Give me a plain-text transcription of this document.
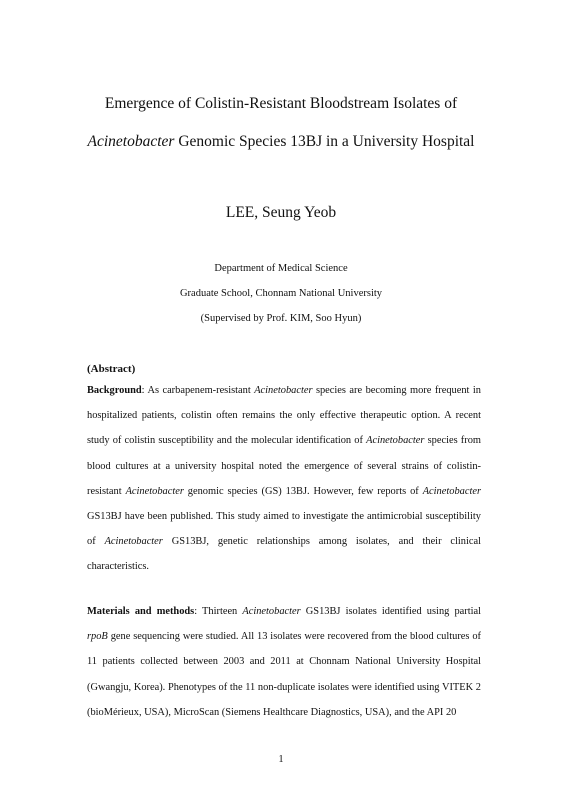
Emergence of Colistin-Resistant Bloodstream Isolates of
Acinetobacter Genomic Species 13BJ in a University Hospital
LEE, Seung Yeob
Department of Medical Science
Graduate School, Chonnam National University
(Supervised by Prof. KIM, Soo Hyun)
(Abstract)

Background: As carbapenem-resistant Acinetobacter species are becoming more frequent in hospitalized patients, colistin often remains the only effective therapeutic option. A recent study of colistin susceptibility and the molecular identification of Acinetobacter species from blood cultures at a university hospital noted the emergence of several strains of colistin-resistant Acinetobacter genomic species (GS) 13BJ. However, few reports of Acinetobacter GS13BJ have been published. This study aimed to investigate the antimicrobial susceptibility of Acinetobacter GS13BJ, genetic relationships among isolates, and their clinical characteristics.

Materials and methods: Thirteen Acinetobacter GS13BJ isolates identified using partial rpoB gene sequencing were studied. All 13 isolates were recovered from the blood cultures of 11 patients collected between 2003 and 2011 at Chonnam National University Hospital (Gwangju, Korea). Phenotypes of the 11 non-duplicate isolates were identified using VITEK 2 (bioMérieux, USA), MicroScan (Siemens Healthcare Diagnostics, USA), and the API 20

1
